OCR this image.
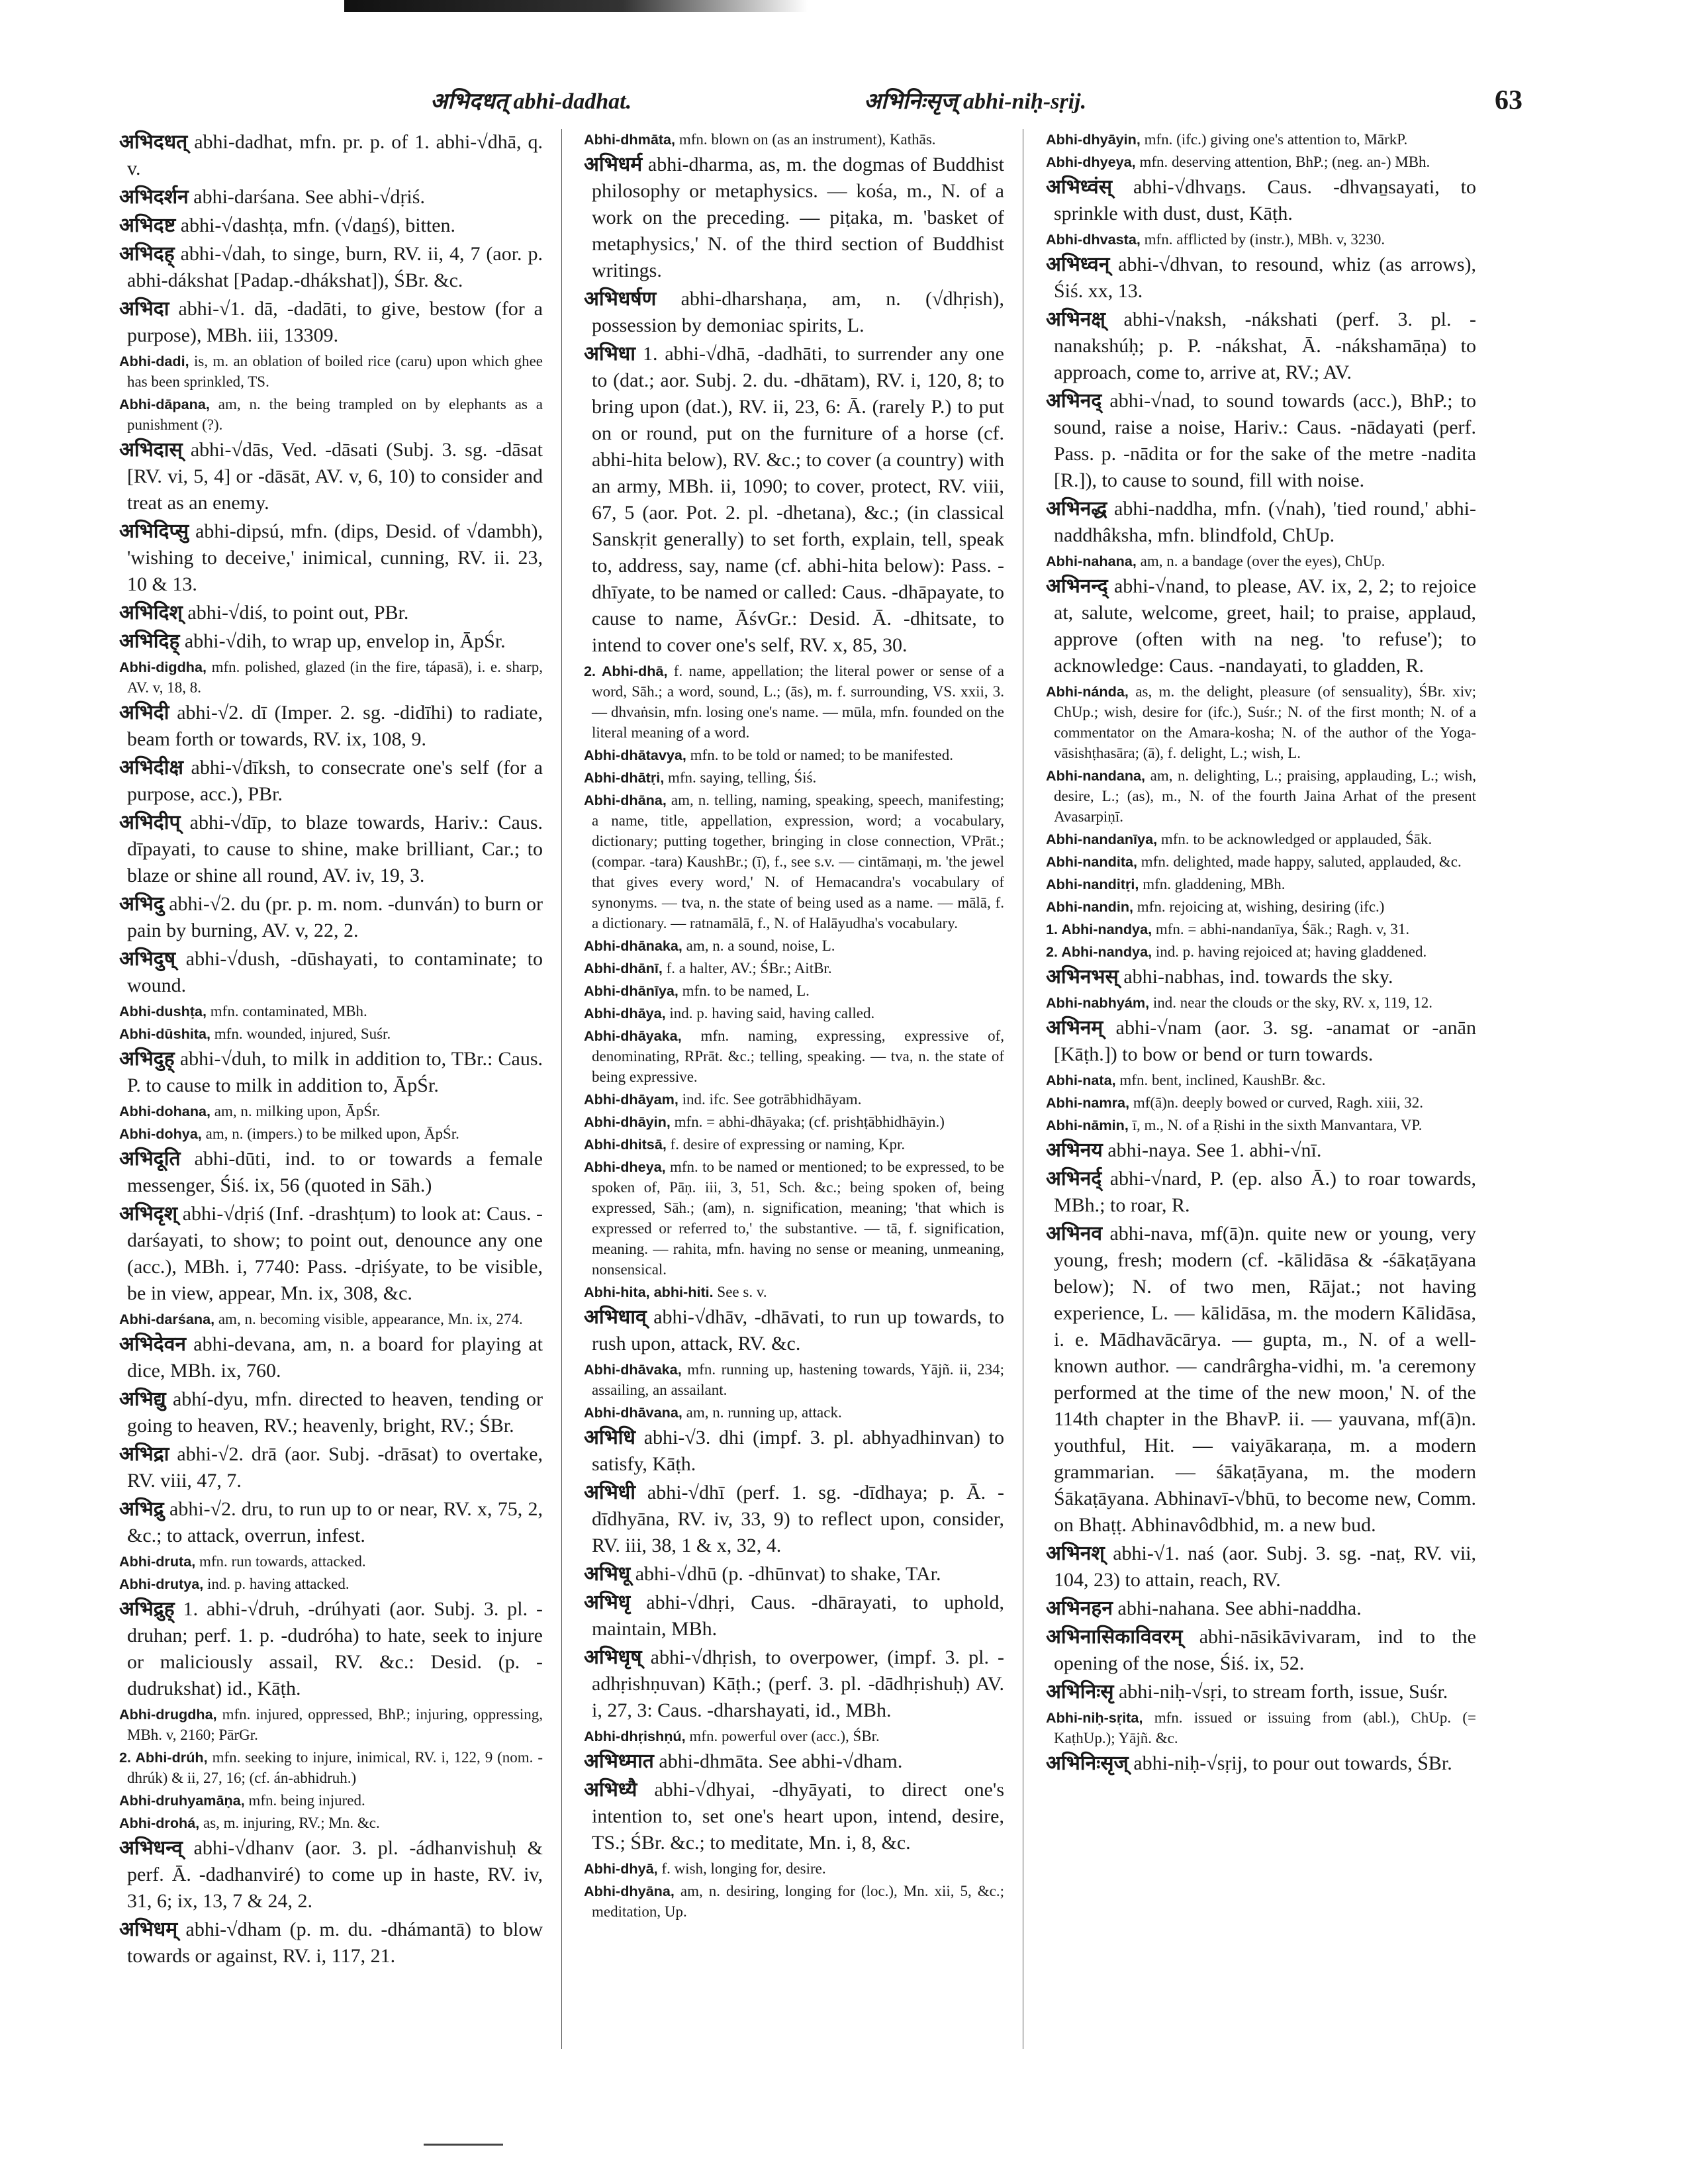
अभिदधत् abhi-dadhat.	अभिनिःसृज् abhi-niḥ-sṛij.	63
अभिदधत् abhi-dadhat, mfn. pr. p. of 1. abhi-√dhā, q. v.
अभिदर्शन abhi-darśana. See abhi-√dṛiś.
अभिदष्ट abhi-√dashṭa, mfn. (√daṉś), bitten.
अभिदह् abhi-√dah, to singe, burn, RV. ii, 4, 7 (aor. p. abhi-dákshat [Padap.-dhákshat]), ŚBr. &c.
अभिदा abhi-√1. dā, -dadāti, to give, bestow (for a purpose), MBh. iii, 13309.
Abhi-dadi, is, m. an oblation of boiled rice (caru) upon which ghee has been sprinkled, TS.
Abhi-dāpana, am, n. the being trampled on by elephants as a punishment (?).
अभिदास् abhi-√dās, Ved. -dāsati (Subj. 3. sg. -dāsat [RV. vi, 5, 4] or -dāsāt, AV. v, 6, 10) to consider and treat as an enemy.
अभिदिप्सु abhi-dipsú, mfn. (dips, Desid. of √dambh), 'wishing to deceive,' inimical, cunning, RV. ii. 23, 10 & 13.
अभिदिश् abhi-√diś, to point out, PBr.
अभिदिह् abhi-√dih, to wrap up, envelop in, ĀpŚr.
Abhi-digdha, mfn. polished, glazed (in the fire, tápasā), i. e. sharp, AV. v, 18, 8.
अभिदी abhi-√2. dī (Imper. 2. sg. -didīhi) to radiate, beam forth or towards, RV. ix, 108, 9.
अभिदीक्ष abhi-√dīksh, to consecrate one's self (for a purpose, acc.), PBr.
अभिदीप् abhi-√dīp, to blaze towards, Hariv.: Caus. dīpayati, to cause to shine, make brilliant, Car.; to blaze or shine all round, AV. iv, 19, 3.
अभिदु abhi-√2. du (pr. p. m. nom. -dunván) to burn or pain by burning, AV. v, 22, 2.
अभिदुष् abhi-√dush, -dūshayati, to contaminate; to wound.
Abhi-dushṭa, mfn. contaminated, MBh.
Abhi-dūshita, mfn. wounded, injured, Suśr.
अभिदुह् abhi-√duh, to milk in addition to, TBr.: Caus. P. to cause to milk in addition to, ĀpŚr.
Abhi-dohana, am, n. milking upon, ĀpŚr.
Abhi-dohya, am, n. (impers.) to be milked upon, ĀpŚr.
अभिदूति abhi-dūti, ind. to or towards a female messenger, Śiś. ix, 56 (quoted in Sāh.)
अभिदृश् abhi-√dṛiś (Inf. -drashṭum) to look at: Caus. -darśayati, to show; to point out, denounce any one (acc.), MBh. i, 7740: Pass. -dṛiśyate, to be visible, be in view, appear, Mn. ix, 308, &c.
Abhi-darśana, am, n. becoming visible, appearance, Mn. ix, 274.
अभिदेवन abhi-devana, am, n. a board for playing at dice, MBh. ix, 760.
अभिद्यु abhí-dyu, mfn. directed to heaven, tending or going to heaven, RV.; heavenly, bright, RV.; ŚBr.
अभिद्रा abhi-√2. drā (aor. Subj. -drāsat) to overtake, RV. viii, 47, 7.
अभिद्रु abhi-√2. dru, to run up to or near, RV. x, 75, 2, &c.; to attack, overrun, infest.
Abhi-druta, mfn. run towards, attacked.
Abhi-drutya, ind. p. having attacked.
अभिद्रुह् 1. abhi-√druh, -drúhyati (aor. Subj. 3. pl. -druhan; perf. 1. p. -dudróha) to hate, seek to injure or maliciously assail, RV. &c.: Desid. (p. -dudrukshat) id., Kāṭh.
Abhi-drugdha, mfn. injured, oppressed, BhP.; injuring, oppressing, MBh. v, 2160; PārGr.
2. Abhi-drúh, mfn. seeking to injure, inimical, RV. i, 122, 9 (nom. -dhrúk) & ii, 27, 16; (cf. án-abhidruh.)
Abhi-druhyamāṇa, mfn. being injured.
Abhi-drohá, as, m. injuring, RV.; Mn. &c.
अभिधन्व् abhi-√dhanv (aor. 3. pl. -ádhanvishuḥ & perf. Ā. -dadhanviré) to come up in haste, RV. iv, 31, 6; ix, 13, 7 & 24, 2.
अभिधम् abhi-√dham (p. m. du. -dhámantā) to blow towards or against, RV. i, 117, 21.
Abhi-dhmāta, mfn. blown on (as an instrument), Kathās.
अभिधर्म abhi-dharma, as, m. the dogmas of Buddhist philosophy or metaphysics. — kośa, m., N. of a work on the preceding. — piṭaka, m. 'basket of metaphysics,' N. of the third section of Buddhist writings.
अभिधर्षण abhi-dharshaṇa, am, n. (√dhṛish), possession by demoniac spirits, L.
अभिधा 1. abhi-√dhā, -dadhāti, to surrender any one to (dat.; aor. Subj. 2. du. -dhātam), RV. i, 120, 8; to bring upon (dat.), RV. ii, 23, 6: Ā. (rarely P.) to put on or round, put on the furniture of a horse (cf. abhi-hita below), RV. &c.; to cover (a country) with an army, MBh. ii, 1090; to cover, protect, RV. viii, 67, 5 (aor. Pot. 2. pl. -dhetana), &c.; (in classical Sanskṛit generally) to set forth, explain, tell, speak to, address, say, name (cf. abhi-hita below): Pass. -dhīyate, to be named or called: Caus. -dhāpayate, to cause to name, ĀśvGr.: Desid. Ā. -dhitsate, to intend to cover one's self, RV. x, 85, 30.
2. Abhi-dhā, f. name, appellation; the literal power or sense of a word, Sāh.; a word, sound, L.; (ās), m. f. surrounding, VS. xxii, 3. — dhvaṅsin, mfn. losing one's name. — mūla, mfn. founded on the literal meaning of a word.
Abhi-dhātavya, mfn. to be told or named; to be manifested.
Abhi-dhātṛi, mfn. saying, telling, Śiś.
Abhi-dhāna, am, n. telling, naming, speaking, speech, manifesting; a name, title, appellation, expression, word; a vocabulary, dictionary; putting together, bringing in close connection, VPrāt.; (compar. -tara) KaushBr.; (ī), f., see s.v. — cintāmaṇi, m. 'the jewel that gives every word,' N. of Hemacandra's vocabulary of synonyms. — tva, n. the state of being used as a name. — mālā, f. a dictionary. — ratnamālā, f., N. of Halāyudha's vocabulary.
Abhi-dhānaka, am, n. a sound, noise, L.
Abhi-dhānī, f. a halter, AV.; ŚBr.; AitBr.
Abhi-dhānīya, mfn. to be named, L.
Abhi-dhāya, ind. p. having said, having called.
Abhi-dhāyaka, mfn. naming, expressing, expressive of, denominating, RPrāt. &c.; telling, speaking. — tva, n. the state of being expressive.
Abhi-dhāyam, ind. ifc. See gotrābhidhāyam.
Abhi-dhāyin, mfn. = abhi-dhāyaka; (cf. prishṭābhidhāyin.)
Abhi-dhitsā, f. desire of expressing or naming, Kpr.
Abhi-dheya, mfn. to be named or mentioned; to be expressed, to be spoken of, Pāṇ. iii, 3, 51, Sch. &c.; being spoken of, being expressed, Sāh.; (am), n. signification, meaning; 'that which is expressed or referred to,' the substantive. — tā, f. signification, meaning. — rahita, mfn. having no sense or meaning, unmeaning, nonsensical.
Abhi-hita, abhi-hiti. See s. v.
अभिधाव् abhi-√dhāv, -dhāvati, to run up towards, to rush upon, attack, RV. &c.
Abhi-dhāvaka, mfn. running up, hastening towards, Yājñ. ii, 234; assailing, an assailant.
Abhi-dhāvana, am, n. running up, attack.
अभिधि abhi-√3. dhi (impf. 3. pl. abhyadhinvan) to satisfy, Kāṭh.
अभिधी abhi-√dhī (perf. 1. sg. -dīdhaya; p. Ā. -dīdhyāna, RV. iv, 33, 9) to reflect upon, consider, RV. iii, 38, 1 & x, 32, 4.
अभिधू abhi-√dhū (p. -dhūnvat) to shake, TAr.
अभिधृ abhi-√dhṛi, Caus. -dhārayati, to uphold, maintain, MBh.
अभिधृष् abhi-√dhṛish, to overpower, (impf. 3. pl. -adhṛishṇuvan) Kāṭh.; (perf. 3. pl. -dādhṛishuḥ) AV. i, 27, 3: Caus. -dharshayati, id., MBh.
Abhi-dhṛishṇú, mfn. powerful over (acc.), ŚBr.
अभिध्मात abhi-dhmāta. See abhi-√dham.
अभिध्यै abhi-√dhyai, -dhyāyati, to direct one's intention to, set one's heart upon, intend, desire, TS.; ŚBr. &c.; to meditate, Mn. i, 8, &c.
Abhi-dhyā, f. wish, longing for, desire.
Abhi-dhyāna, am, n. desiring, longing for (loc.), Mn. xii, 5, &c.; meditation, Up.
Abhi-dhyāyin, mfn. (ifc.) giving one's attention to, MārkP.
Abhi-dhyeya, mfn. deserving attention, BhP.; (neg. an-) MBh.
अभिध्वंस् abhi-√dhvaṉs. Caus. -dhvaṉsayati, to sprinkle with dust, dust, Kāṭh.
Abhi-dhvasta, mfn. afflicted by (instr.), MBh. v, 3230.
अभिध्वन् abhi-√dhvan, to resound, whiz (as arrows), Śiś. xx, 13.
अभिनक्ष् abhi-√naksh, -nákshati (perf. 3. pl. -nanakshúḥ; p. P. -nákshat, Ā. -nákshamāṇa) to approach, come to, arrive at, RV.; AV.
अभिनद् abhi-√nad, to sound towards (acc.), BhP.; to sound, raise a noise, Hariv.: Caus. -nādayati (perf. Pass. p. -nādita or for the sake of the metre -nadita [R.]), to cause to sound, fill with noise.
अभिनद्ध abhi-naddha, mfn. (√nah), 'tied round,' abhi-naddhâksha, mfn. blindfold, ChUp.
Abhi-nahana, am, n. a bandage (over the eyes), ChUp.
अभिनन्द् abhi-√nand, to please, AV. ix, 2, 2; to rejoice at, salute, welcome, greet, hail; to praise, applaud, approve (often with na neg. 'to refuse'); to acknowledge: Caus. -nandayati, to gladden, R.
Abhi-nánda, as, m. the delight, pleasure (of sensuality), ŚBr. xiv; ChUp.; wish, desire for (ifc.), Suśr.; N. of the first month; N. of a commentator on the Amara-kosha; N. of the author of the Yoga-vāsishṭhasāra; (ā), f. delight, L.; wish, L.
Abhi-nandana, am, n. delighting, L.; praising, applauding, L.; wish, desire, L.; (as), m., N. of the fourth Jaina Arhat of the present Avasarpiṇī.
Abhi-nandanīya, mfn. to be acknowledged or applauded, Śāk.
Abhi-nandita, mfn. delighted, made happy, saluted, applauded, &c.
Abhi-nanditṛi, mfn. gladdening, MBh.
Abhi-nandin, mfn. rejoicing at, wishing, desiring (ifc.)
1. Abhi-nandya, mfn. = abhi-nandanīya, Śāk.; Ragh. v, 31.
2. Abhi-nandya, ind. p. having rejoiced at; having gladdened.
अभिनभस् abhi-nabhas, ind. towards the sky.
Abhi-nabhyám, ind. near the clouds or the sky, RV. x, 119, 12.
अभिनम् abhi-√nam (aor. 3. sg. -anamat or -anān [Kāṭh.]) to bow or bend or turn towards.
Abhi-nata, mfn. bent, inclined, KaushBr. &c.
Abhi-namra, mf(ā)n. deeply bowed or curved, Ragh. xiii, 32.
Abhi-nāmin, ī, m., N. of a Ṛishi in the sixth Manvantara, VP.
अभिनय abhi-naya. See 1. abhi-√nī.
अभिनर्द् abhi-√nard, P. (ep. also Ā.) to roar towards, MBh.; to roar, R.
अभिनव abhi-nava, mf(ā)n. quite new or young, very young, fresh; modern (cf. -kālidāsa & -śākaṭāyana below); N. of two men, Rājat.; not having experience, L. — kālidāsa, m. the modern Kālidāsa, i. e. Mādhavācārya. — gupta, m., N. of a well-known author. — candrârgha-vidhi, m. 'a ceremony performed at the time of the new moon,' N. of the 114th chapter in the BhavP. ii. — yauvana, mf(ā)n. youthful, Hit. — vaiyākaraṇa, m. a modern grammarian. — śākaṭāyana, m. the modern Śākaṭāyana. Abhinavī-√bhū, to become new, Comm. on Bhaṭṭ. Abhinavôdbhid, m. a new bud.
अभिनश् abhi-√1. naś (aor. Subj. 3. sg. -naṭ, RV. vii, 104, 23) to attain, reach, RV.
अभिनहन abhi-nahana. See abhi-naddha.
अभिनासिकाविवरम् abhi-nāsikāvivaram, ind to the opening of the nose, Śiś. ix, 52.
अभिनिःसृ abhi-niḥ-√sṛi, to stream forth, issue, Suśr.
Abhi-niḥ-sṛita, mfn. issued or issuing from (abl.), ChUp. (= KaṭhUp.); Yājñ. &c.
अभिनिःसृज् abhi-niḥ-√sṛij, to pour out towards, ŚBr.
